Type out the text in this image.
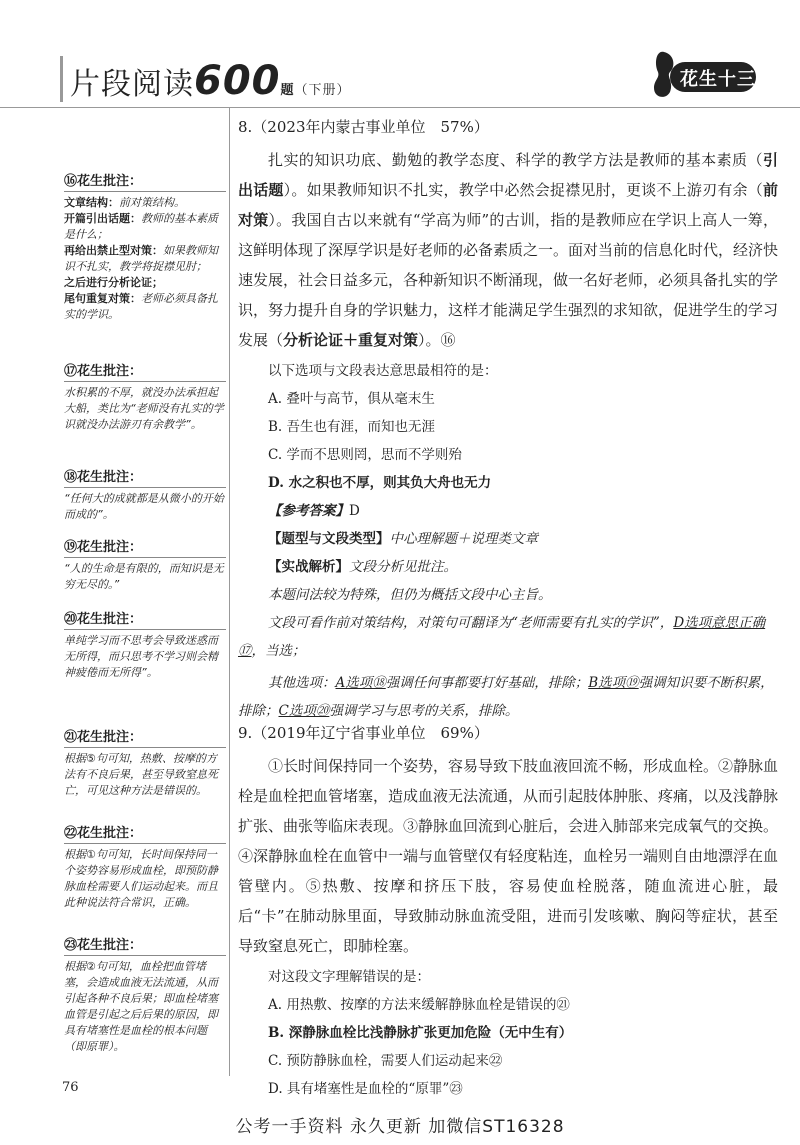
片段阅读600题（下册）
花生十三
⑯花生批注：
文章结构：前对策结构。
开篇引出话题：教师的基本素质是什么；
再给出禁止型对策：如果教师知识不扎实，教学将捉襟见肘；
之后进行分析论证；
尾句重复对策：老师必须具备扎实的学识。
⑰花生批注：
水积累的不厚，就没办法承担起大船，类比为“老师没有扎实的学识就没办法游刃有余教学”。
⑱花生批注：
“任何大的成就都是从微小的开始而成的”。
⑲花生批注：
“人的生命是有限的，而知识是无穷无尽的。”
⑳花生批注：
单纯学习而不思考会导致迷惑而无所得，而只思考不学习则会精神疲倦而无所得”。
㉑花生批注：
根据⑤句可知，热敷、按摩的方法有不良后果，甚至导致窒息死亡，可见这种方法是错误的。
㉒花生批注：
根据①句可知，长时间保持同一个姿势容易形成血栓，即预防静脉血栓需要人们运动起来。而且此种说法符合常识，正确。
㉓花生批注：
根据②句可知，血栓把血管堵塞，会造成血液无法流通，从而引起各种不良后果；即血栓堵塞血管是引起之后后果的原因，即具有堵塞性是血栓的根本问题（即原罪）。
8.（2023年内蒙古事业单位　57%）
扎实的知识功底、勤勉的教学态度、科学的教学方法是教师的基本素质（引出话题）。如果教师知识不扎实，教学中必然会捉襟见肘，更谈不上游刃有余（前对策）。我国自古以来就有“学高为师”的古训，指的是教师应在学识上高人一筹，这鲜明体现了深厚学识是好老师的必备素质之一。面对当前的信息化时代，经济快速发展，社会日益多元，各种新知识不断涌现，做一名好老师，必须具备扎实的学识，努力提升自身的学识魅力，这样才能满足学生强烈的求知欲，促进学生的学习发展（分析论证＋重复对策）。⑯
以下选项与文段表达意思最相符的是：
A. 叠叶与高节，俱从毫末生
B. 吾生也有涯，而知也无涯
C. 学而不思则罔，思而不学则殆
D. 水之积也不厚，则其负大舟也无力
【参考答案】D
【题型与文段类型】中心理解题＋说理类文章
【实战解析】文段分析见批注。
本题问法较为特殊，但仍为概括文段中心主旨。
文段可看作前对策结构，对策句可翻译为“老师需要有扎实的学识”，D选项意思正确⑰，当选；
其他选项：A选项⑱强调任何事都要打好基础，排除；B选项⑲强调知识要不断积累，排除；C选项⑳强调学习与思考的关系，排除。
9.（2019年辽宁省事业单位　69%）
①长时间保持同一个姿势，容易导致下肢血液回流不畅，形成血栓。②静脉血栓是血栓把血管堵塞，造成血液无法流通，从而引起肢体肿胀、疼痛，以及浅静脉扩张、曲张等临床表现。③静脉血回流到心脏后，会进入肺部来完成氧气的交换。④深静脉血栓在血管中一端与血管壁仅有轻度粘连，血栓另一端则自由地漂浮在血管壁内。⑤热敷、按摩和挤压下肢，容易使血栓脱落，随血流进心脏，最后“卡”在肺动脉里面，导致肺动脉血流受阻，进而引发咳嗽、胸闷等症状，甚至导致窒息死亡，即肺栓塞。
对这段文字理解错误的是：
A. 用热敷、按摩的方法来缓解静脉血栓是错误的㉑
B. 深静脉血栓比浅静脉扩张更加危险（无中生有）
C. 预防静脉血栓，需要人们运动起来㉒
D. 具有堵塞性是血栓的“原罪”㉓
76
公考一手资料 永久更新 加微信ST16328
